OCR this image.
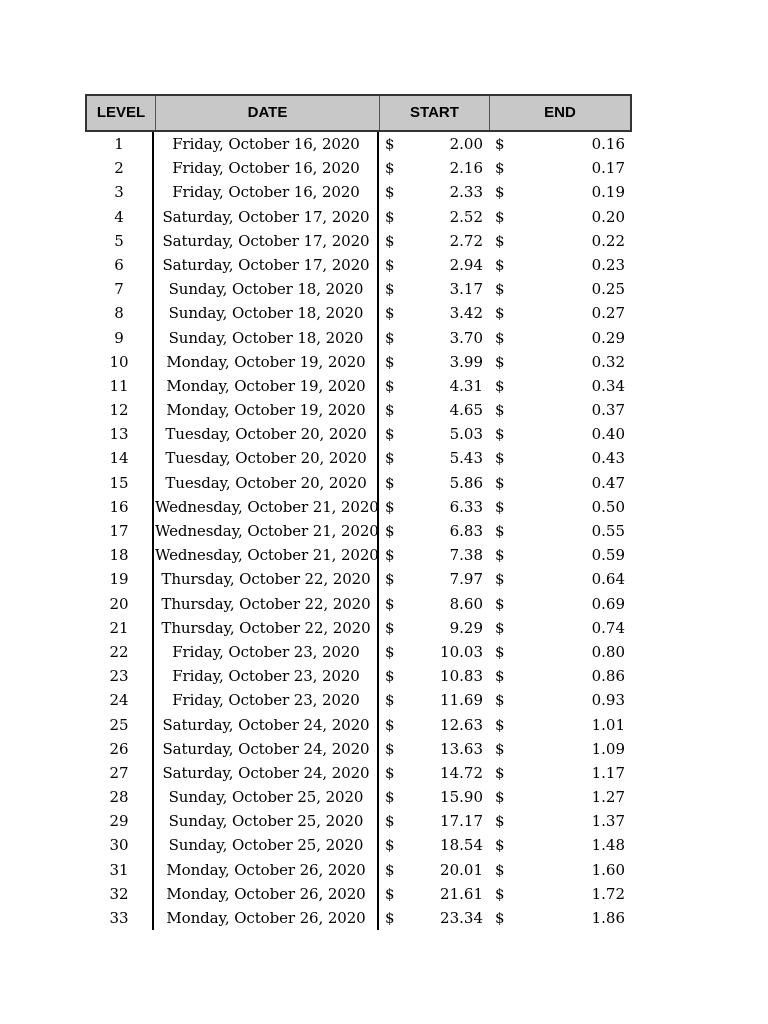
LEVEL	DATE	START	END
1	Friday, October 16, 2020	$	2.00 $	0.16
2	Friday, October 16, 2020	$	2.16 $	0.17
3	Friday, October 16, 2020	$	2.33 $	0.19
4	Saturday, October 17, 2020	$	2.52 $	0.20
5	Saturday, October 17, 2020	$	2.72 $	0.22
6	Saturday, October 17, 2020	$	2.94 $	0.23
7	Sunday, October 18, 2020	$	3.17 $	0.25
8	Sunday, October 18, 2020	$	3.42 $	0.27
9	Sunday, October 18, 2020	$	3.70 $	0.29
10	Monday, October 19, 2020	$	3.99 $	0.32
11	Monday, October 19, 2020	$	4.31 $	0.34
12	Monday, October 19, 2020	$	4.65 $	0.37
13	Tuesday, October 20, 2020	$	5.03 $	0.40
14	Tuesday, October 20, 2020	$	5.43 $	0.43
15	Tuesday, October 20, 2020	$	5.86 $	0.47
16	Wednesday, October 21, 2020 $	6.33 $	0.50
17	Wednesday, October 21, 2020 $	6.83 $	0.55
18	Wednesday, October 21, 2020 $	7.38 $	0.59
19	Thursday, October 22, 2020 $	7.97 $	0.64
20	Thursday, October 22, 2020 $	8.60 $	0.69
21	Thursday, October 22, 2020 $	9.29 $	0.74
22	Friday, October 23, 2020	$	10.03 $	0.80
23	Friday, October 23, 2020	$	10.83 $	0.86
24	Friday, October 23, 2020	$	11.69 $	0.93
25	Saturday, October 24, 2020	$	12.63 $	1.01
26	Saturday, October 24, 2020	$	13.63 $	1.09
27	Saturday, October 24, 2020	$	14.72 $	1.17
28	Sunday, October 25, 2020	$	15.90 $	1.27
29	Sunday, October 25, 2020	$	17.17 $	1.37
30	Sunday, October 25, 2020	$	18.54 $	1.48
31	Monday, October 26, 2020	$	20.01 $	1.60
32	Monday, October 26, 2020	$	21.61 $	1.72
33	Monday, October 26, 2020	$	23.34 $	1.86
